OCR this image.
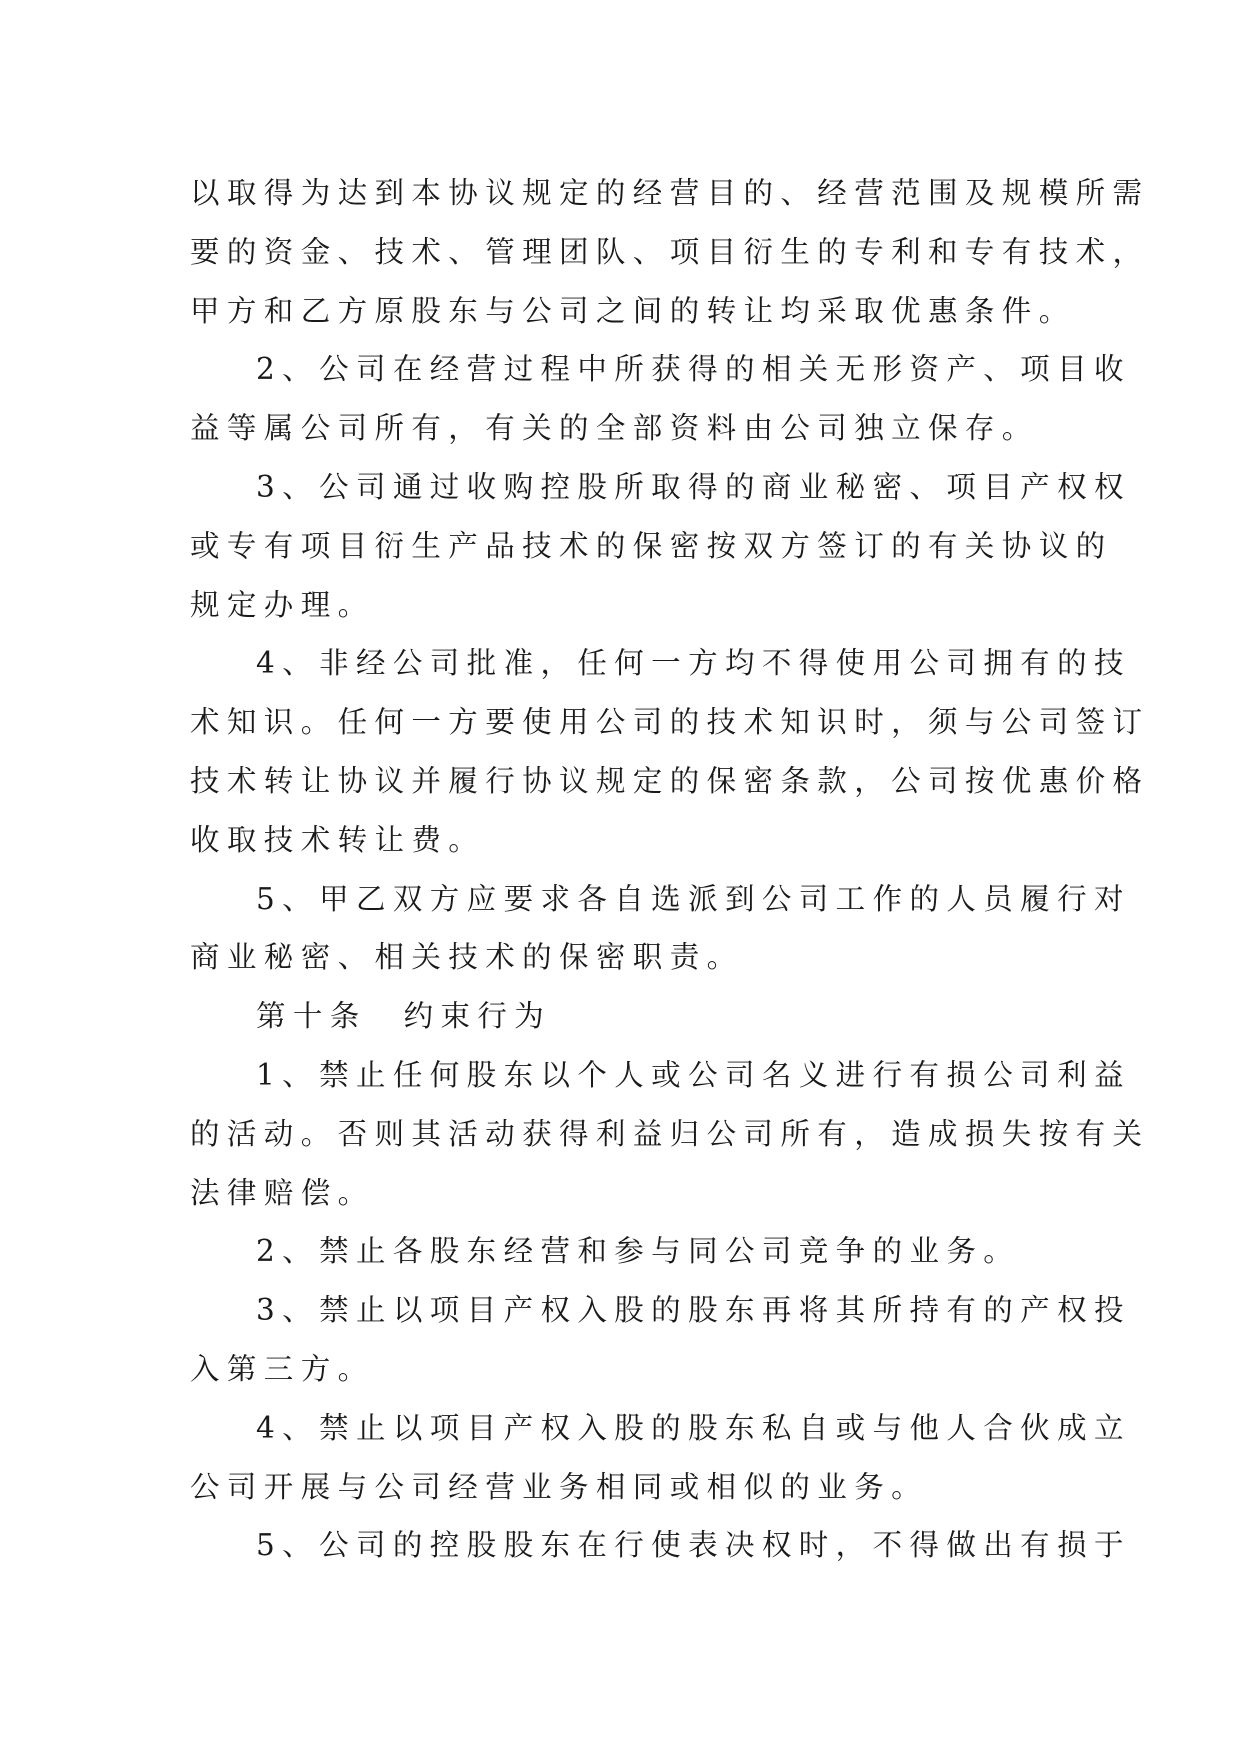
以取得为达到本协议规定的经营目的、经营范围及规模所需
要的资金、技术、管理团队、项目衍生的专利和专有技术，
甲方和乙方原股东与公司之间的转让均采取优惠条件。
2、公司在经营过程中所获得的相关无形资产、项目收
益等属公司所有，有关的全部资料由公司独立保存。
3、公司通过收购控股所取得的商业秘密、项目产权权
或专有项目衍生产品技术的保密按双方签订的有关协议的
规定办理。
4、非经公司批准，任何一方均不得使用公司拥有的技
术知识。任何一方要使用公司的技术知识时，须与公司签订
技术转让协议并履行协议规定的保密条款，公司按优惠价格
收取技术转让费。
5、甲乙双方应要求各自选派到公司工作的人员履行对
商业秘密、相关技术的保密职责。
第十条　约束行为
1、禁止任何股东以个人或公司名义进行有损公司利益
的活动。否则其活动获得利益归公司所有，造成损失按有关
法律赔偿。
2、禁止各股东经营和参与同公司竞争的业务。
3、禁止以项目产权入股的股东再将其所持有的产权投
入第三方。
4、禁止以项目产权入股的股东私自或与他人合伙成立
公司开展与公司经营业务相同或相似的业务。
5、公司的控股股东在行使表决权时，不得做出有损于
